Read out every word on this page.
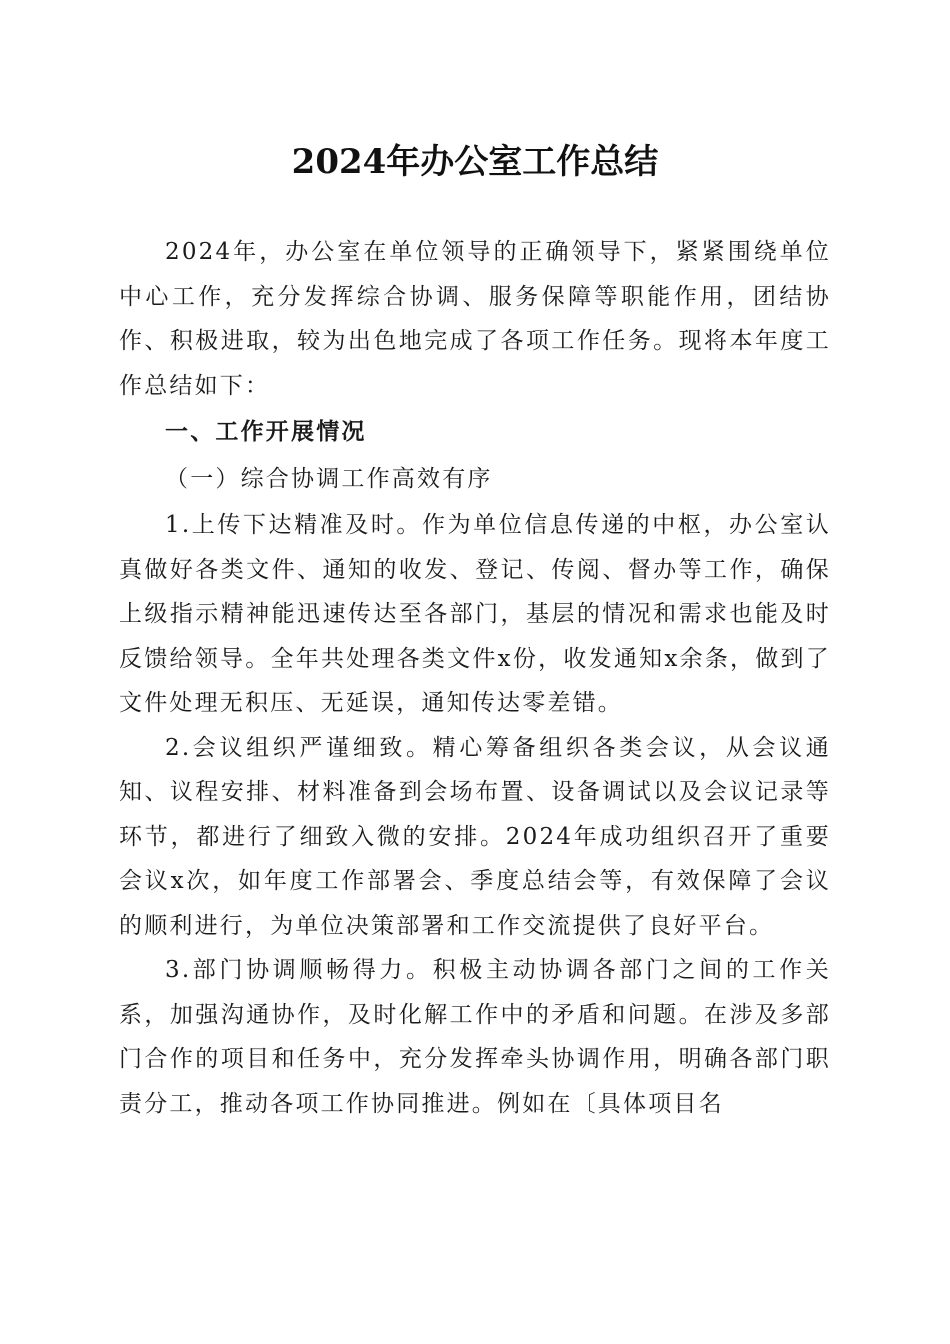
2024年办公室工作总结

2024年，办公室在单位领导的正确领导下，紧紧围绕单位中心工作，充分发挥综合协调、服务保障等职能作用，团结协作、积极进取，较为出色地完成了各项工作任务。现将本年度工作总结如下：

一、工作开展情况

（一）综合协调工作高效有序

1.上传下达精准及时。作为单位信息传递的中枢，办公室认真做好各类文件、通知的收发、登记、传阅、督办等工作，确保上级指示精神能迅速传达至各部门，基层的情况和需求也能及时反馈给领导。全年共处理各类文件x份，收发通知x余条，做到了文件处理无积压、无延误，通知传达零差错。

2.会议组织严谨细致。精心筹备组织各类会议，从会议通知、议程安排、材料准备到会场布置、设备调试以及会议记录等环节，都进行了细致入微的安排。2024年成功组织召开了重要会议x次，如年度工作部署会、季度总结会等，有效保障了会议的顺利进行，为单位决策部署和工作交流提供了良好平台。

3.部门协调顺畅得力。积极主动协调各部门之间的工作关系，加强沟通协作，及时化解工作中的矛盾和问题。在涉及多部门合作的项目和任务中，充分发挥牵头协调作用，明确各部门职责分工，推动各项工作协同推进。例如在〔具体项目名
